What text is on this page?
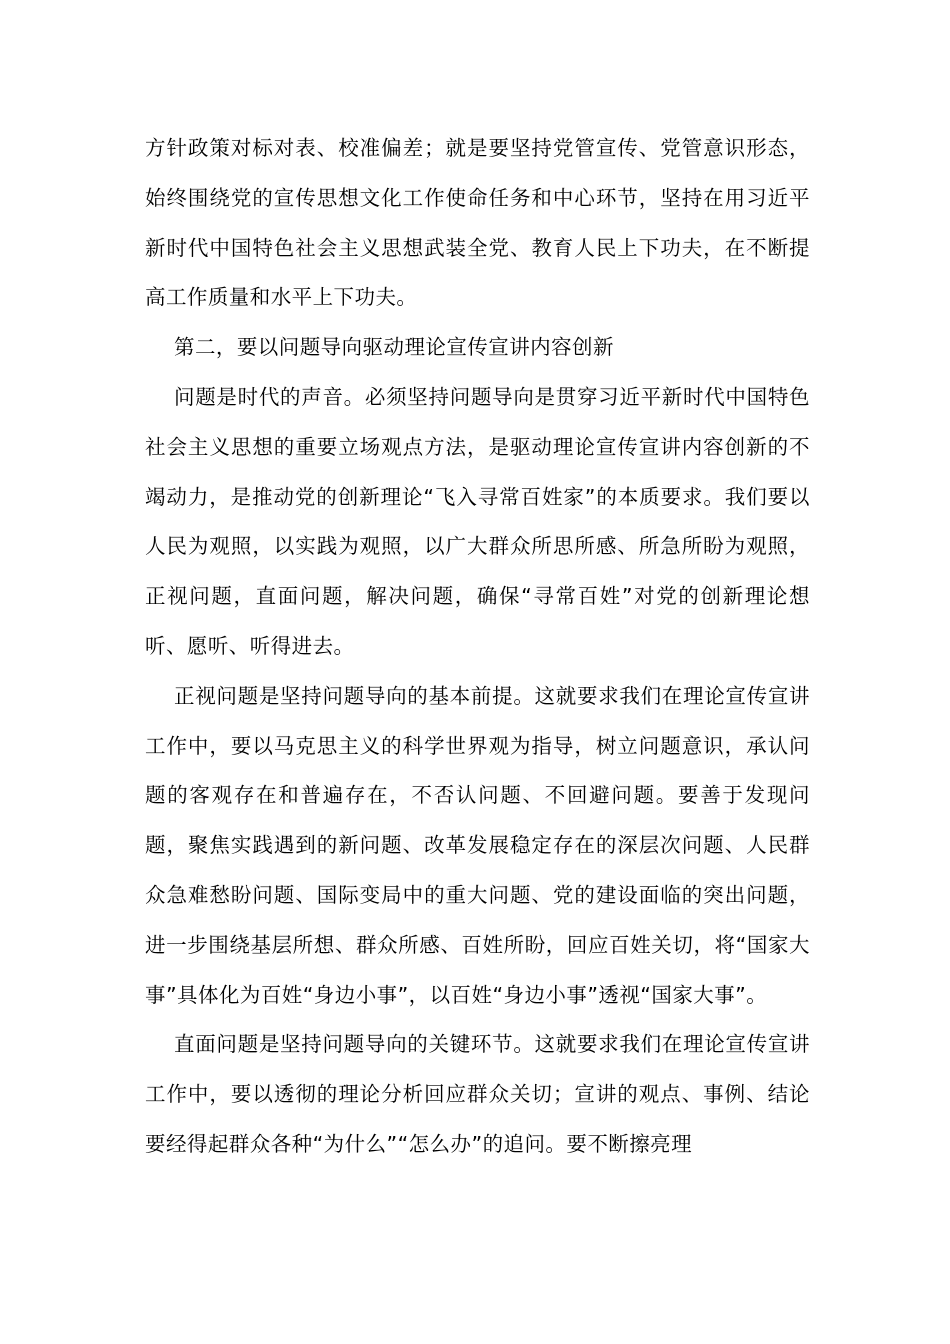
方针政策对标对表、校准偏差；就是要坚持党管宣传、党管意识形态，始终围绕党的宣传思想文化工作使命任务和中心环节，坚持在用习近平新时代中国特色社会主义思想武装全党、教育人民上下功夫，在不断提高工作质量和水平上下功夫。

第二，要以问题导向驱动理论宣传宣讲内容创新

问题是时代的声音。必须坚持问题导向是贯穿习近平新时代中国特色社会主义思想的重要立场观点方法，是驱动理论宣传宣讲内容创新的不竭动力，是推动党的创新理论“飞入寻常百姓家”的本质要求。我们要以人民为观照，以实践为观照，以广大群众所思所感、所急所盼为观照，正视问题，直面问题，解决问题，确保“寻常百姓”对党的创新理论想听、愿听、听得进去。

正视问题是坚持问题导向的基本前提。这就要求我们在理论宣传宣讲工作中，要以马克思主义的科学世界观为指导，树立问题意识，承认问题的客观存在和普遍存在，不否认问题、不回避问题。要善于发现问题，聚焦实践遇到的新问题、改革发展稳定存在的深层次问题、人民群众急难愁盼问题、国际变局中的重大问题、党的建设面临的突出问题，进一步围绕基层所想、群众所感、百姓所盼，回应百姓关切，将“国家大事”具体化为百姓“身边小事”，以百姓“身边小事”透视“国家大事”。

直面问题是坚持问题导向的关键环节。这就要求我们在理论宣传宣讲工作中，要以透彻的理论分析回应群众关切；宣讲的观点、事例、结论要经得起群众各种“为什么”“怎么办”的追问。要不断擦亮理
